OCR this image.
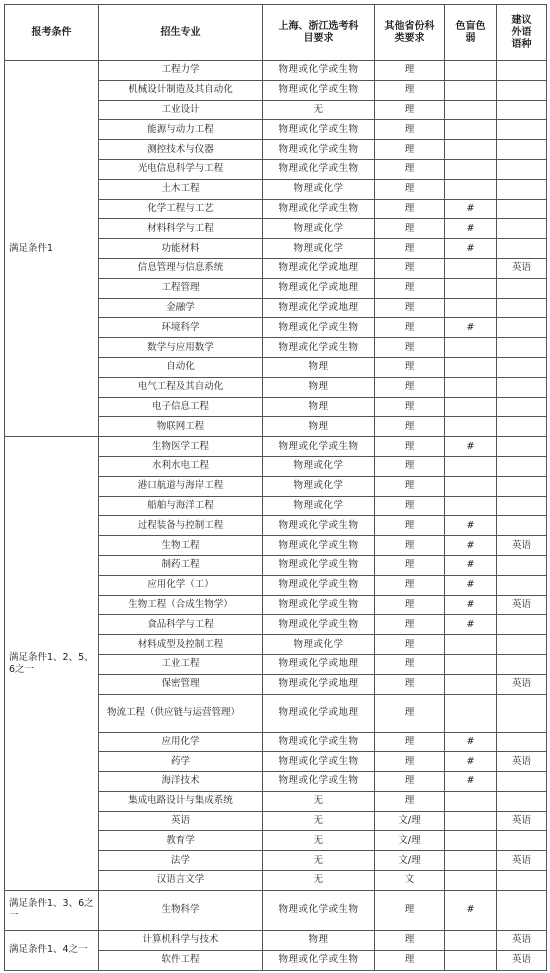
报考条件	招生专业	上海、浙江选考科目要求	其他省份科类要求	色盲色弱	建议外语语种
满足条件1	工程力学	物理或化学或生物	理		
	机械设计制造及其自动化	物理或化学或生物	理		
	工业设计	无	理		
	能源与动力工程	物理或化学或生物	理		
	测控技术与仪器	物理或化学或生物	理		
	光电信息科学与工程	物理或化学或生物	理		
	土木工程	物理或化学	理		
	化学工程与工艺	物理或化学或生物	理	#	
	材料科学与工程	物理或化学	理	#	
	功能材料	物理或化学	理	#	
	信息管理与信息系统	物理或化学或地理	理		英语
	工程管理	物理或化学或地理	理		
	金融学	物理或化学或地理	理		
	环境科学	物理或化学或生物	理	#	
	数学与应用数学	物理或化学或生物	理		
	自动化	物理	理		
	电气工程及其自动化	物理	理		
	电子信息工程	物理	理		
	物联网工程	物理	理		
满足条件1、2、5、6之一	生物医学工程	物理或化学或生物	理	#	
	水利水电工程	物理或化学	理		
	港口航道与海岸工程	物理或化学	理		
	船舶与海洋工程	物理或化学	理		
	过程装备与控制工程	物理或化学或生物	理	#	
	生物工程	物理或化学或生物	理	#	英语
	制药工程	物理或化学或生物	理	#	
	应用化学（工）	物理或化学或生物	理	#	
	生物工程（合成生物学）	物理或化学或生物	理	#	英语
	食品科学与工程	物理或化学或生物	理	#	
	材料成型及控制工程	物理或化学	理		
	工业工程	物理或化学或地理	理		
	保密管理	物理或化学或地理	理		英语
	物流工程（供应链与运营管理）	物理或化学或地理	理		
	应用化学	物理或化学或生物	理	#	
	药学	物理或化学或生物	理	#	英语
	海洋技术	物理或化学或生物	理	#	
	集成电路设计与集成系统	无	理		
	英语	无	文/理		英语
	教育学	无	文/理		
	法学	无	文/理		英语
	汉语言文学	无	文		
满足条件1、3、6之一	生物科学	物理或化学或生物	理	#	
满足条件1、4之一	计算机科学与技术	物理	理		英语
	软件工程	物理或化学或生物	理		英语
